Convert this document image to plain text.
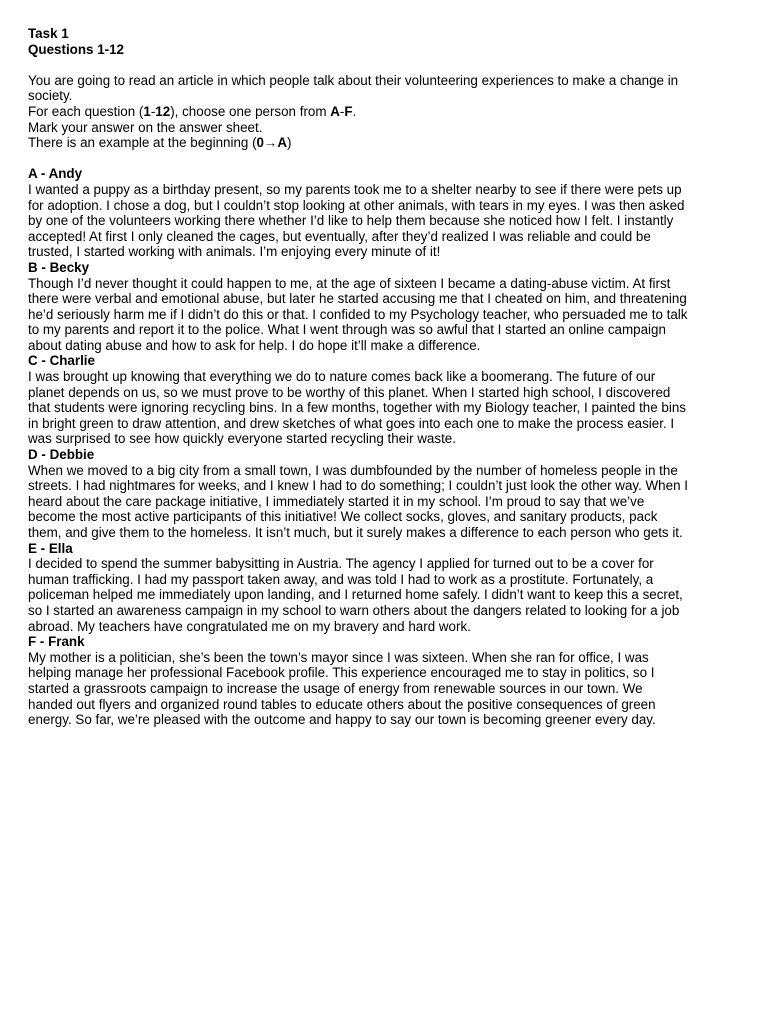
Task 1

Questions 1-12

You are going to read an article in which people talk about their volunteering experiences to make a change in society.

For each question (1-12), choose one person from A-F.

Mark your answer on the answer sheet.

There is an example at the beginning (0→A)

A - Andy

I wanted a puppy as a birthday present, so my parents took me to a shelter nearby to see if there were pets up for adoption. I chose a dog, but I couldn’t stop looking at other animals, with tears in my eyes. I was then asked by one of the volunteers working there whether I’d like to help them because she noticed how I felt. I instantly accepted! At first I only cleaned the cages, but eventually, after they’d realized I was reliable and could be trusted, I started working with animals. I’m enjoying every minute of it!

B - Becky

Though I’d never thought it could happen to me, at the age of sixteen I became a dating-abuse victim. At first there were verbal and emotional abuse, but later he started accusing me that I cheated on him, and threatening he’d seriously harm me if I didn’t do this or that. I confided to my Psychology teacher, who persuaded me to talk to my parents and report it to the police. What I went through was so awful that I started an online campaign about dating abuse and how to ask for help. I do hope it’ll make a difference.

C - Charlie

I was brought up knowing that everything we do to nature comes back like a boomerang. The future of our planet depends on us, so we must prove to be worthy of this planet. When I started high school, I discovered that students were ignoring recycling bins. In a few months, together with my Biology teacher, I painted the bins in bright green to draw attention, and drew sketches of what goes into each one to make the process easier. I was surprised to see how quickly everyone started recycling their waste.

D - Debbie

When we moved to a big city from a small town, I was dumbfounded by the number of homeless people in the streets. I had nightmares for weeks, and I knew I had to do something; I couldn’t just look the other way. When I heard about the care package initiative, I immediately started it in my school. I’m proud to say that we’ve become the most active participants of this initiative! We collect socks, gloves, and sanitary products, pack them, and give them to the homeless. It isn’t much, but it surely makes a difference to each person who gets it.

E - Ella

I decided to spend the summer babysitting in Austria. The agency I applied for turned out to be a cover for human trafficking. I had my passport taken away, and was told I had to work as a prostitute. Fortunately, a policeman helped me immediately upon landing, and I returned home safely. I didn’t want to keep this a secret, so I started an awareness campaign in my school to warn others about the dangers related to looking for a job abroad. My teachers have congratulated me on my bravery and hard work.

F - Frank

My mother is a politician, she’s been the town’s mayor since I was sixteen. When she ran for office, I was helping manage her professional Facebook profile. This experience encouraged me to stay in politics, so I started a grassroots campaign to increase the usage of energy from renewable sources in our town. We handed out flyers and organized round tables to educate others about the positive consequences of green energy. So far, we’re pleased with the outcome and happy to say our town is becoming greener every day.
